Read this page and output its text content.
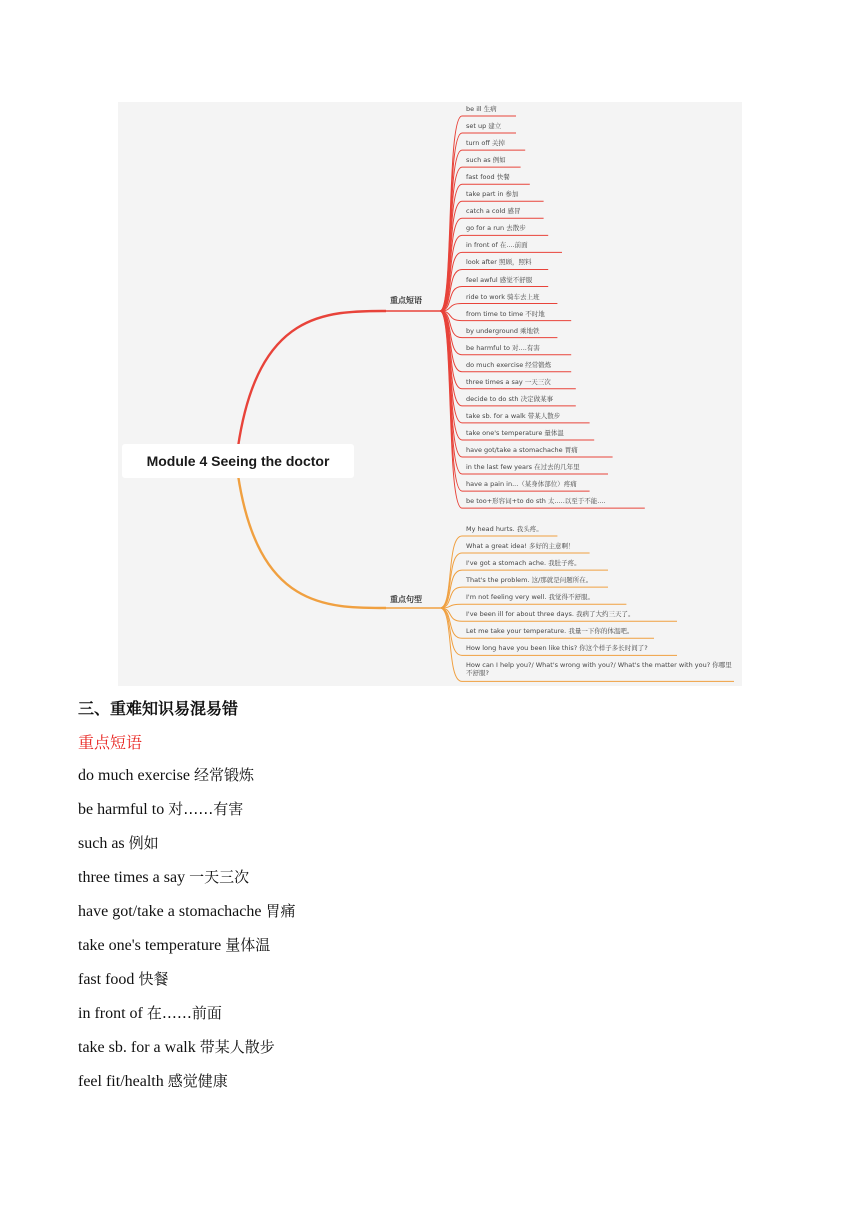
Module 4 Seeing the doctor
重点短语
重点句型
be ill 生病
set up 建立
turn off 关掉
such as 例如
fast food 快餐
take part in 参加
catch a cold 感冒
go for a run 去散步
in front of 在....前面
look after 照顾，照料
feel awful 感觉不舒服
ride to work 骑车去上班
from time to time 不时地
by underground 乘地铁
be harmful to 对....有害
do much exercise 经常锻炼
three times a say 一天三次
decide to do sth 决定做某事
take sb. for a walk 带某人散步
take one's temperature 量体温
have got/take a stomachache 胃痛
in the last few years 在过去的几年里
have a pain in...（某身体部位）疼痛
be too+形容词+to do sth 太.....以至于不能....
My head hurts. 我头疼。
What a great idea! 多好的主意啊！
I've got a stomach ache. 我肚子疼。
That's the problem. 这/那就是问题所在。
I'm not feeling very well. 我觉得不舒服。
I've been ill for about three days. 我病了大约三天了。
Let me take your temperature. 我量一下你的体温吧。
How long have you been like this? 你这个样子多长时间了?
How can I help you?/ What's wrong with you?/ What's the matter with you? 你哪里不舒服?
三、重难知识易混易错
重点短语
do much exercise 经常锻炼
be harmful to 对……有害
such as 例如
three times a say 一天三次
have got/take a stomachache 胃痛
take one's temperature 量体温
fast food 快餐
in front of 在……前面
take sb. for a walk 带某人散步
feel fit/health 感觉健康
